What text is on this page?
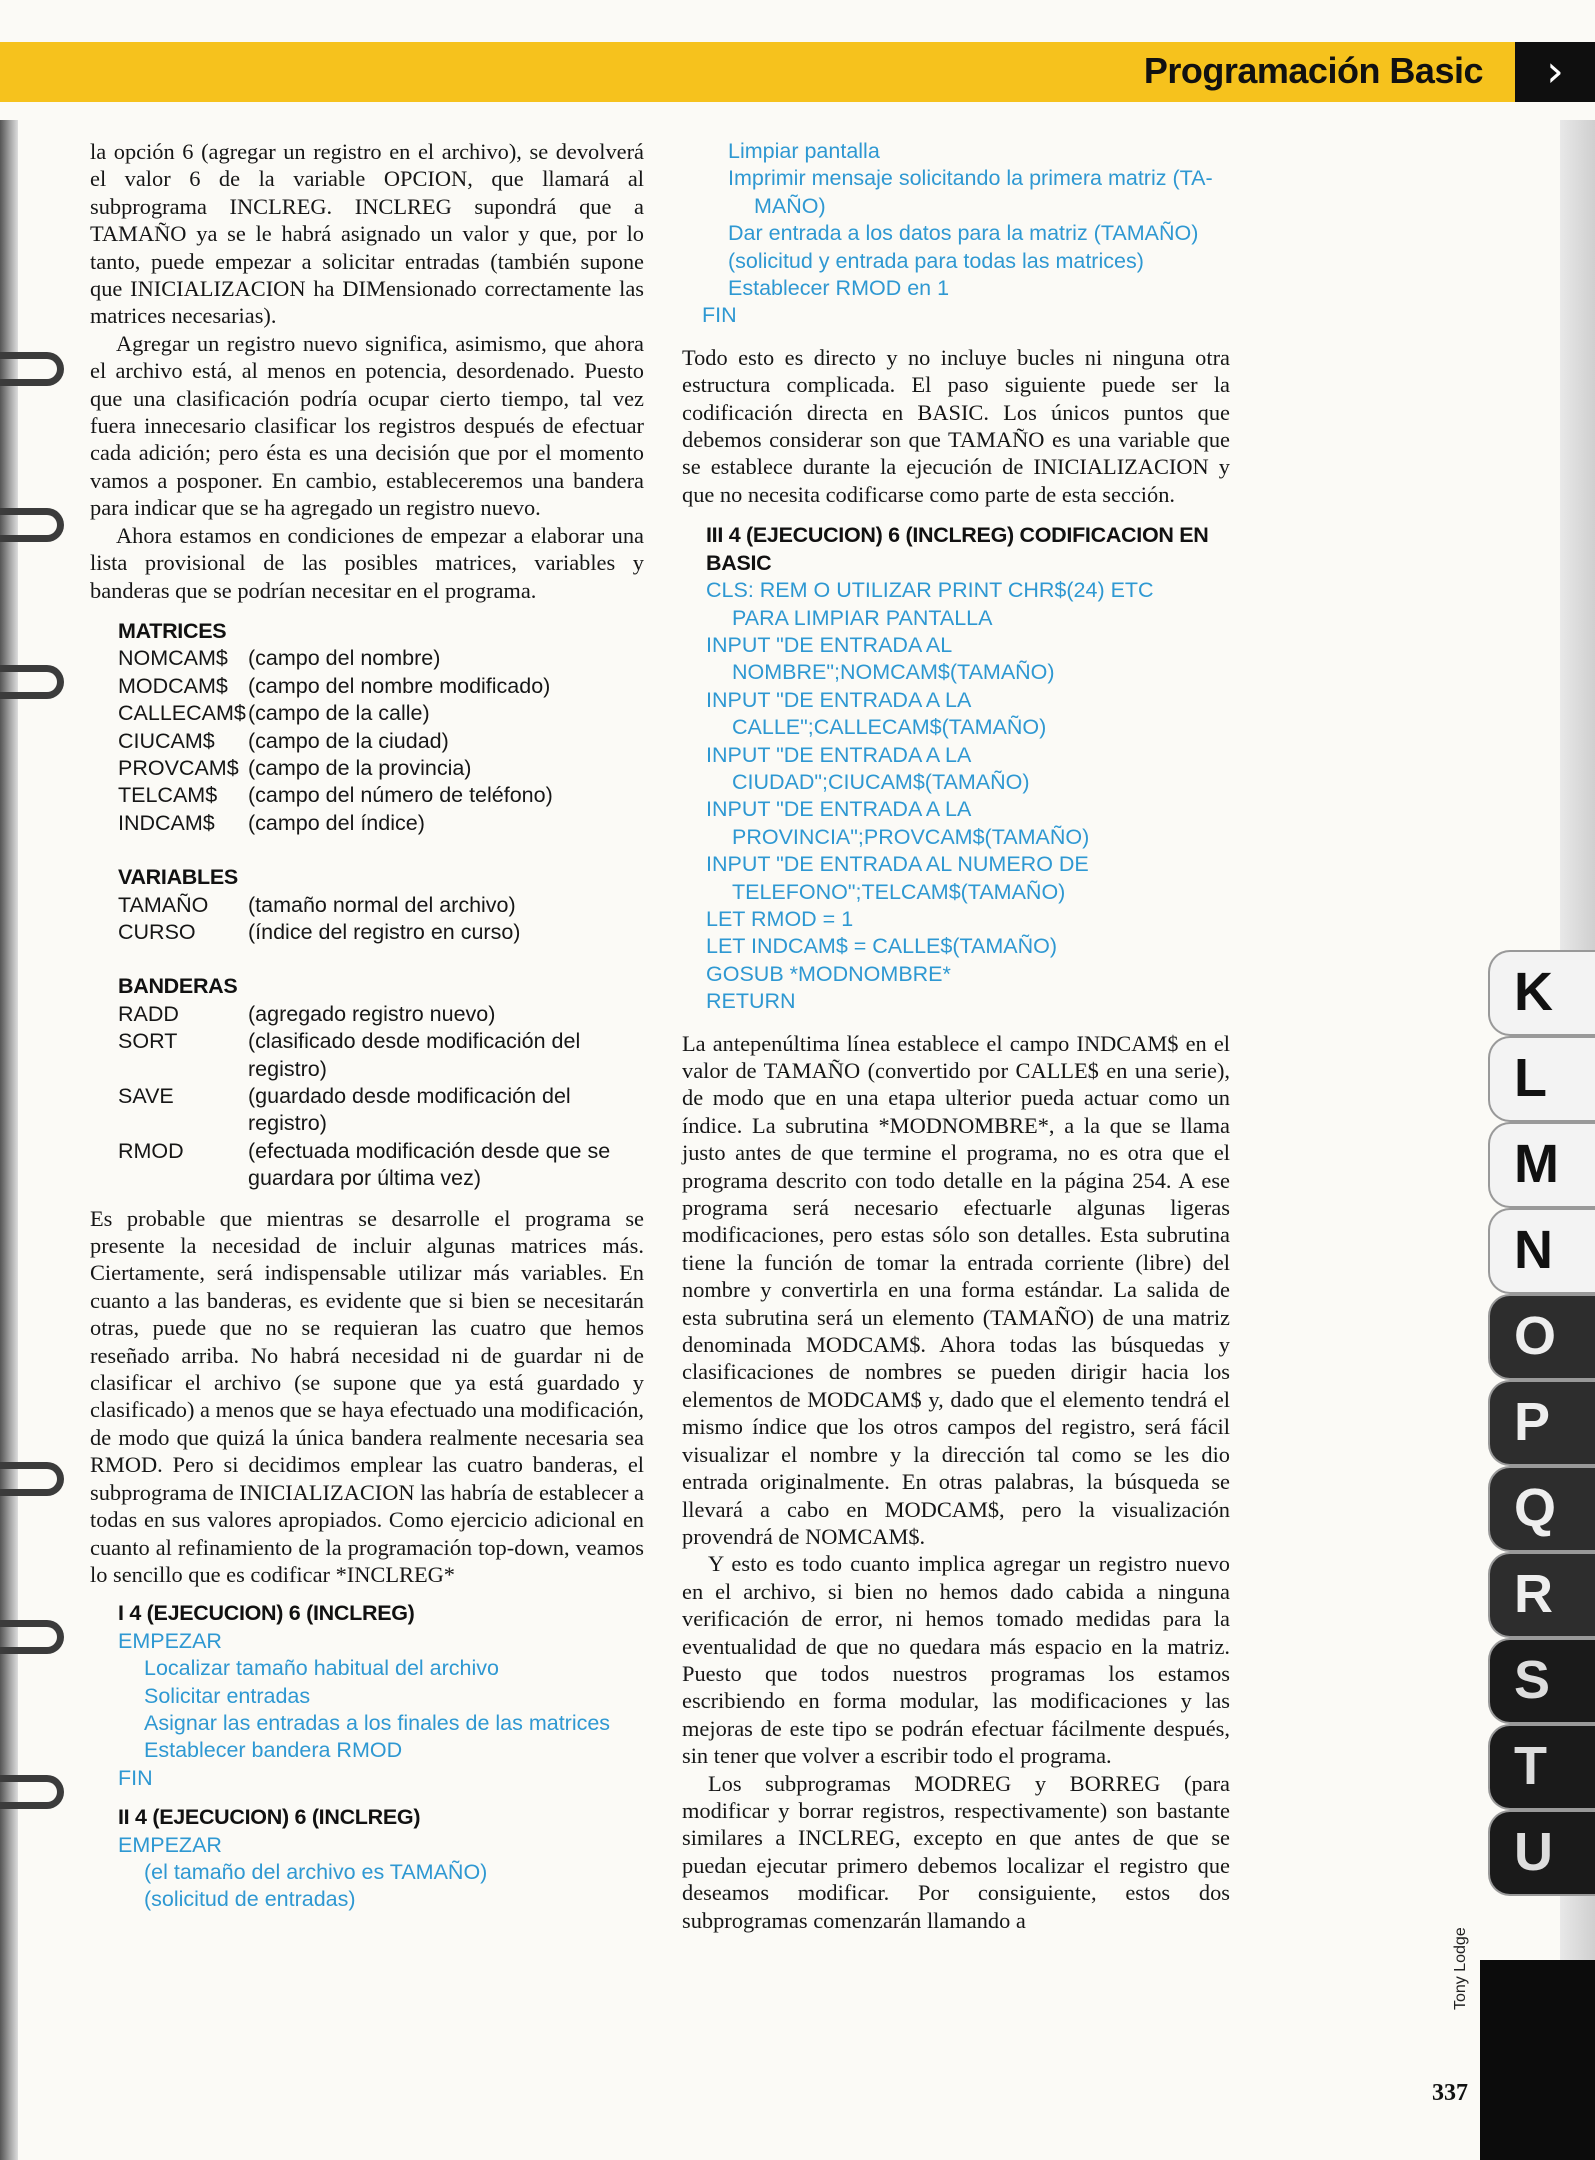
Programación Basic	›

la opción 6 (agregar un registro en el archivo), se devolverá el valor 6 de la variable OPCION, que llamará al subprograma INCLREG. INCLREG supondrá que a TAMAÑO ya se le habrá asignado un valor y que, por lo tanto, puede empezar a solicitar entradas (también supone que INICIALIZACION ha DIMensionado correctamente las matrices necesarias).

Agregar un registro nuevo significa, asimismo, que ahora el archivo está, al menos en potencia, desordenado. Puesto que una clasificación podría ocupar cierto tiempo, tal vez fuera innecesario clasificar los registros después de efectuar cada adición; pero ésta es una decisión que por el momento vamos a posponer. En cambio, estableceremos una bandera para indicar que se ha agregado un registro nuevo.

Ahora estamos en condiciones de empezar a elaborar una lista provisional de las posibles matrices, variables y banderas que se podrían necesitar en el programa.

MATRICES
NOMCAM$ (campo del nombre)
MODCAM$ (campo del nombre modificado)
CALLECAM$ (campo de la calle)
CIUCAM$	(campo de la ciudad)
PROVCAM$ (campo de la provincia)
TELCAM$	(campo del número de teléfono)
INDCAM$	(campo del índice)
VARIABLES
TAMAÑO	(tamaño normal del archivo)
CURSO	(índice del registro en curso)
BANDERAS
RADD	(agregado registro nuevo)
SORT	(clasificado desde modificación del registro)
SAVE	(guardado desde modificación del registro)
RMOD	(efectuada modificación desde que se guardara por última vez)

Es probable que mientras se desarrolle el programa se presente la necesidad de incluir algunas matrices más. Ciertamente, será indispensable utilizar más variables. En cuanto a las banderas, es evidente que si bien se necesitarán otras, puede que no se requieran las cuatro que hemos reseñado arriba. No habrá necesidad ni de guardar ni de clasificar el archivo (se supone que ya está guardado y clasificado) a menos que se haya efectuado una modificación, de modo que quizá la única bandera realmente necesaria sea RMOD. Pero si decidimos emplear las cuatro banderas, el subprograma de INICIALIZACION las habría de establecer a todas en sus valores apropiados. Como ejercicio adicional en cuanto al refinamiento de la programación top-down, veamos lo sencillo que es codificar *INCLREG*

I 4 (EJECUCION) 6 (INCLREG)
EMPEZAR
Localizar tamaño habitual del archivo
Solicitar entradas
Asignar las entradas a los finales de las matrices
Establecer bandera RMOD
FIN
II 4 (EJECUCION) 6 (INCLREG)
EMPEZAR
(el tamaño del archivo es TAMAÑO)
(solicitud de entradas)
Limpiar pantalla
Imprimir mensaje solicitando la primera matriz (TA-
MAÑO)
Dar entrada a los datos para la matriz (TAMAÑO)
(solicitud y entrada para todas las matrices)
Establecer RMOD en 1
FIN

Todo esto es directo y no incluye bucles ni ninguna otra estructura complicada. El paso siguiente puede ser la codificación directa en BASIC. Los únicos puntos que debemos considerar son que TAMAÑO es una variable que se establece durante la ejecución de INICIALIZACION y que no necesita codificarse como parte de esta sección.

III 4 (EJECUCION) 6 (INCLREG) CODIFICACION EN BASIC
CLS: REM O UTILIZAR PRINT CHR$(24) ETC
PARA LIMPIAR PANTALLA
INPUT "DE ENTRADA AL
NOMBRE";NOMCAM$(TAMAÑO)
INPUT "DE ENTRADA A LA
CALLE";CALLECAM$(TAMAÑO)
INPUT "DE ENTRADA A LA
CIUDAD";CIUCAM$(TAMAÑO)
INPUT "DE ENTRADA A LA
PROVINCIA";PROVCAM$(TAMAÑO)
INPUT "DE ENTRADA AL NUMERO DE
TELEFONO";TELCAM$(TAMAÑO)
LET RMOD = 1
LET INDCAM$ = CALLE$(TAMAÑO)
GOSUB *MODNOMBRE*
RETURN

La antepenúltima línea establece el campo INDCAM$ en el valor de TAMAÑO (convertido por CALLE$ en una serie), de modo que en una etapa ulterior pueda actuar como un índice. La subrutina *MODNOMBRE*, a la que se llama justo antes de que termine el programa, no es otra que el programa descrito con todo detalle en la página 254. A ese programa será necesario efectuarle algunas ligeras modificaciones, pero estas sólo son detalles. Esta subrutina tiene la función de tomar la entrada corriente (libre) del nombre y convertirla en una forma estándar. La salida de esta subrutina será un elemento (TAMAÑO) de una matriz denominada MODCAM$. Ahora todas las búsquedas y clasificaciones de nombres se pueden dirigir hacia los elementos de MODCAM$ y, dado que el elemento tendrá el mismo índice que los otros campos del registro, será fácil visualizar el nombre y la dirección tal como se les dio entrada originalmente. En otras palabras, la búsqueda se llevará a cabo en MODCAM$, pero la visualización provendrá de NOMCAM$.

Y esto es todo cuanto implica agregar un registro nuevo en el archivo, si bien no hemos dado cabida a ninguna verificación de error, ni hemos tomado medidas para la eventualidad de que no quedara más espacio en la matriz. Puesto que todos nuestros programas los estamos escribiendo en forma modular, las modificaciones y las mejoras de este tipo se podrán efectuar fácilmente después, sin tener que volver a escribir todo el programa.

Los subprogramas MODREG y BORREG (para modificar y borrar registros, respectivamente) son bastante similares a INCLREG, excepto en que antes de que se puedan ejecutar primero debemos localizar el registro que deseamos modificar. Por consiguiente, estos dos subprogramas comenzarán llamando a

K
L
M
N
O
P
Q
R
S
T
U
Tony Lodge
337
